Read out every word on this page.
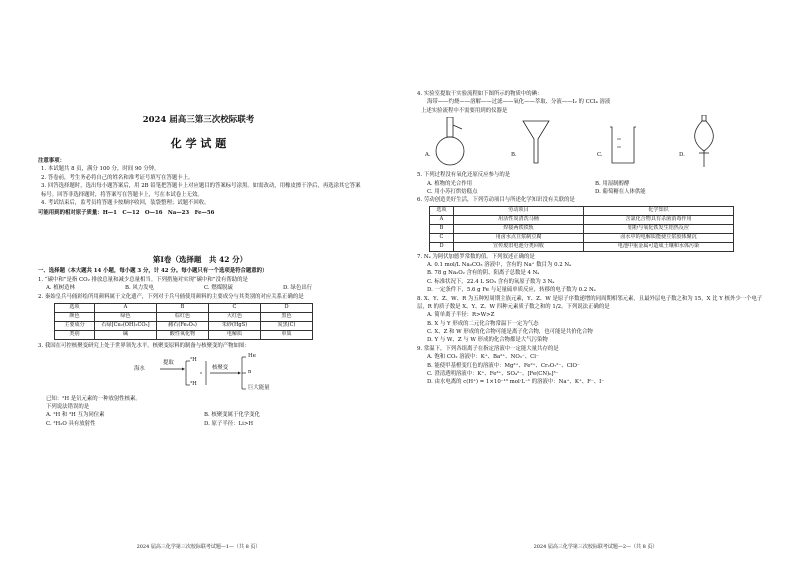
2024 届高三第三次校际联考
化 学 试 题
注意事项：
1. 本试题共 8 页，满分 100 分，时间 90 分钟。
2. 答卷前，考生务必将自己的姓名和准考证号填写在答题卡上。
3. 回答选择题时，选出每小题答案后，用 2B 铅笔把答题卡上对应题目的答案标号涂黑。如需改动，用橡皮擦干净后，再选涂其它答案标号。回答非选择题时，将答案写在答题卡上，写在本试卷上无效。
4. 考试结束后，监考员将答题卡按顺序收回，装袋整理；试题不回收。
可能用到的相对原子质量：H—1　C—12　O—16　Na—23　Fe—56
第Ⅰ卷（选择题　共 42 分）
一、选择题（本大题共 14 小题，每小题 3 分，计 42 分。每小题只有一个选项是符合题意的）
1. “碳中和”是指 CO₂ 排放总量和减少总量相当。下列措施对实现“碳中和”没有帮助的是
A. 植树造林	B. 风力发电	C. 燃煤脱硫	D. 绿色出行
2. 秦始皇兵马俑彩绘所用颜料属于文化遗产，下列对于兵马俑使用颜料的主要成分与其类别的对应关系正确的是
选项	A	B	C	D
颜色	绿色	棕红色	大红色	黑色
主要成分	石绿[Cu₂(OH)₂CO₃]	赭石(Fe₂O₃)	朱砂(HgS)	炭黑(C)
类别	碱	酸性氧化物	电解质	单质
3. 我国在可控核聚变研究上处于世界领先水平。核聚变原料的制备与核聚变的产物如图：
海水
提取	²H
³H
核聚变
He
n
巨大能量
已知：²H 是氘元素的一种放射性核素。
下列说法错误的是
A. ²H 和 ³H 互为同位素	B. 核聚变属于化学变化
C. ²H₂O 具有放射性	D. 原子半径：Li>H
2024 届高三化学第三次校际联考试题—1—（共 8 页）
4. 实验室提取干实验流程如下图所示的物质中的碘：
海带——灼烧——溶解——过滤——氧化——萃取、分液——I₂ 的 CCl₄ 溶液
上述实验流程中不需要用到的仪器是
A.	B.	C.	D.
5. 下列过程没有氧化还原反应参与的是
A. 植物的光合作用	B. 用湿制醇酵
C. 用小苏打烘焙糕点	D. 葡萄糖在人体供能
6. 劳动创造美好生活，下列劳动项目与所述化学知识没有关联的是
选项	劳动项目	化学知识
A	用活性炭清洗马桶	含氯化合物具有杀菌消毒作用
B	焊接两铁铁轨	铝粉与氧化铁发生铝热反应
C	用卤水点豆浆制豆腐	卤水中的电解质能使豆浆胶体聚沉
D	宣传废旧电池分类回收	电池中重金属可造成土壤和水体污染
7. Nₐ 为阿伏加德罗常数的值。下列叙述正确的是
A. 0.1 mol/L Na₂CO₃ 溶液中，含有的 Na⁺ 数目为 0.2 Nₐ
B. 78 g Na₂O₂ 含有的阴、阳离子总数是 4 Nₐ
C. 标准状况下，22.4 L SO₃ 含有的氧原子数为 3 Nₐ
D. 一定条件下，5.6 g Fe 与足量硫单质反应，转移的电子数为 0.2 Nₐ
8. X、Y、Z、W、R 为五种短周期主族元素，Y、Z、W 是原子序数递增的同周期相邻元素，且最外层电子数之和为 15，X 比 Y 核外少一个电子层，R 的质子数是 X、Y、Z、W 四种元素质子数之和的 1/2。下列说法正确的是
A. 简单离子半径：R>W>Z
B. X 与 Y 形成的二元化合物常温下一定为气态
C. X、Z 和 W 形成的化合物可能是离子化合物，也可能是共价化合物
D. Y 与 W、Z 与 W 形成的化合物都是大气污染物
9. 常温下，下列各组离子在指定溶液中一定能大量共存的是
A. 饱和 CO₂ 溶液中：K⁺、Ba²⁺、NO₃⁻、Cl⁻
B. 能使甲基橙变红色的溶液中：Mg²⁺、Fe²⁺、Cr₂O₇²⁻、ClO⁻
C. 澄清透明溶液中：K⁺、Fe³⁺、SO₄²⁻、[Fe(CN)₆]³⁻
D. 由水电离的 c(H⁺) = 1×10⁻¹³ mol·L⁻¹ 的溶液中：Na⁺、K⁺、F⁻、I⁻
2024 届高三化学第三次校际联考试题—2—（共 8 页）
